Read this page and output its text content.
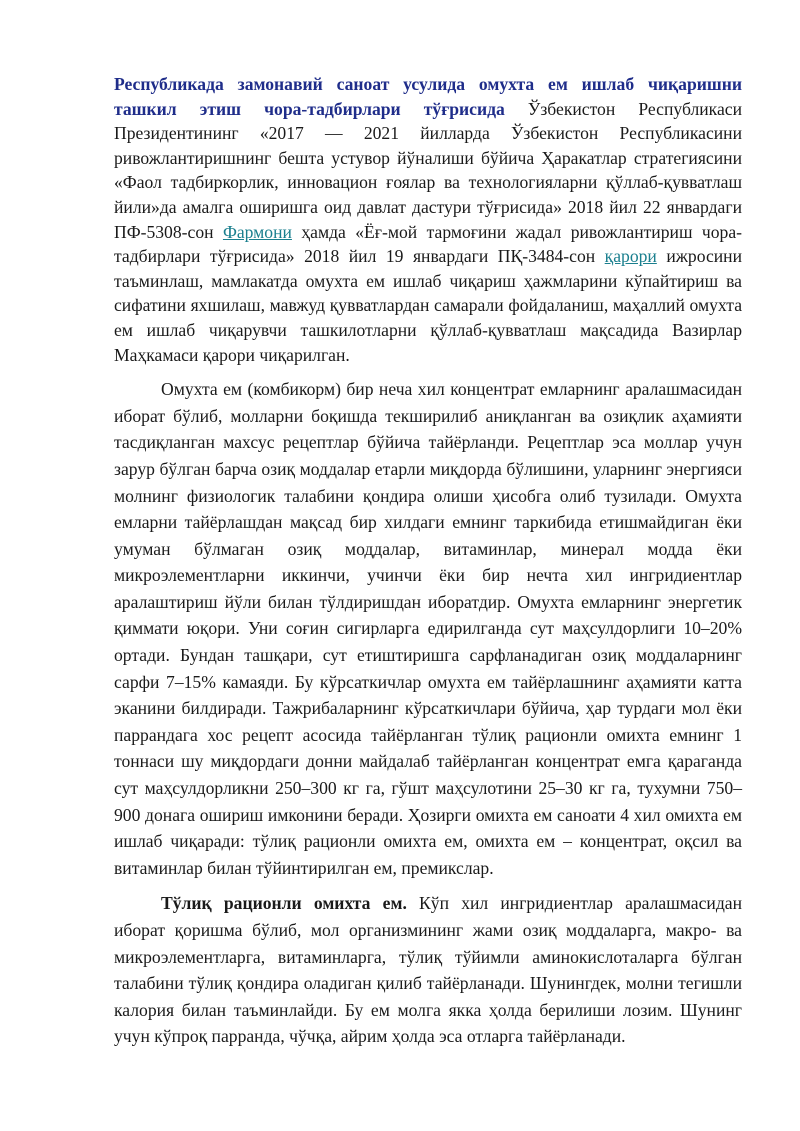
Республикада замонавий саноат усулида омухта ем ишлаб чиқаришни ташкил этиш чора-тадбирлари тўғрисида Ўзбекистон Республикаси Президентининг «2017 — 2021 йилларда Ўзбекистон Республикасини ривожлантиришнинг бешта устувор йўналиши бўйича Ҳаракатлар стратегиясини «Фаол тадбиркорлик, инновацион ғоялар ва технологияларни қўллаб-қувватлаш йили»да амалга оширишга оид давлат дастури тўғрисида» 2018 йил 22 январдаги ПФ-5308-сон Фармони ҳамда «Ёғ-мой тармоғини жадал ривожлантириш чора-тадбирлари тўғрисида» 2018 йил 19 январдаги ПҚ-3484-сон қарори ижросини таъминлаш, мамлакатда омухта ем ишлаб чиқариш ҳажмларини кўпайтириш ва сифатини яхшилаш, мавжуд қувватлардан самарали фойдаланиш, маҳаллий омухта ем ишлаб чиқарувчи ташкилотларни қўллаб-қувватлаш мақсадида Вазирлар Маҳкамаси қарори чиқарилган.

Омухта ем (комбикорм) бир неча хил концентрат емларнинг аралашмасидан иборат бўлиб, молларни боқишда текширилиб аниқланган ва озиқлик аҳамияти тасдиқланган махсус рецептлар бўйича тайёрланди. Рецептлар эса моллар учун зарур бўлган барча озиқ моддалар етарли миқдорда бўлишини, уларнинг энергияси молнинг физиологик талабини қондира олиши ҳисобга олиб тузилади. Омухта емларни тайёрлашдан мақсад бир хилдаги емнинг таркибида етишмайдиган ёки умуман бўлмаган озиқ моддалар, витаминлар, минерал модда ёки микроэлементларни иккинчи, учинчи ёки бир нечта хил ингридиентлар аралаштириш йўли билан тўлдиришдан иборатдир. Омухта емларнинг энергетик қиммати юқори. Уни соғин сигирларга едирилганда сут маҳсулдорлиги 10–20% ортади. Бундан ташқари, сут етиштиришга сарфланадиган озиқ моддаларнинг сарфи 7–15% камаяди. Бу кўрсаткичлар омухта ем тайёрлашнинг аҳамияти катта эканини билдиради. Тажрибаларнинг кўрсаткичлари бўйича, ҳар турдаги мол ёки паррандага хос рецепт асосида тайёрланган тўлиқ рационли омихта емнинг 1 тоннаси шу миқдордаги донни майдалаб тайёрланган концентрат емга қараганда сут маҳсулдорликни 250–300 кг га, гўшт маҳсулотини 25–30 кг га, тухумни 750–900 донага ошириш имконини беради. Ҳозирги омихта ем саноати 4 хил омихта ем ишлаб чиқаради: тўлиқ рационли омихта ем, омихта ем – концентрат, оқсил ва витаминлар билан тўйинтирилган ем, премикслар.

Тўлиқ рационли омихта ем. Кўп хил ингридиентлар аралашмасидан иборат қоришма бўлиб, мол организмининг жами озиқ моддаларга, макро- ва микроэлементларга, витаминларга, тўлиқ тўйимли аминокислоталарга бўлган талабини тўлиқ қондира оладиган қилиб тайёрланади. Шунингдек, молни тегишли калория билан таъминлайди. Бу ем молга якка ҳолда берилиши лозим. Шунинг учун кўпроқ парранда, чўчқа, айрим ҳолда эса отларга тайёрланади.
